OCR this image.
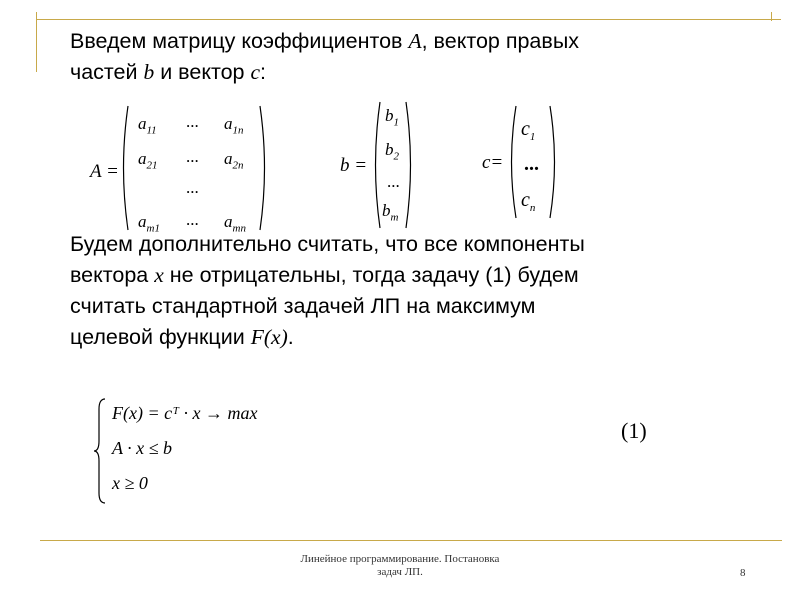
Введем матрицу коэффициентов A, вектор правых
частей b и вектор c:

A =
$a_{11}$ ... $a_{1n}$
$a_{21}$ ... $a_{2n}$
...
$a_{m1}$ ... $a_{mn}$
b =
$b_1$
$b_2$
...
$b_m$
c=
$c_1$
...
$c_n$

Будем дополнительно считать, что все компоненты
вектора x не отрицательны, тогда задачу (1) будем
считать стандартной задачей ЛП на максимум
целевой функции F(x).

F(x) = cᵀ · x → max
A · x ≤ b
x ≥ 0
(1)
Линейное программирование. Постановка
задач ЛП.	8
